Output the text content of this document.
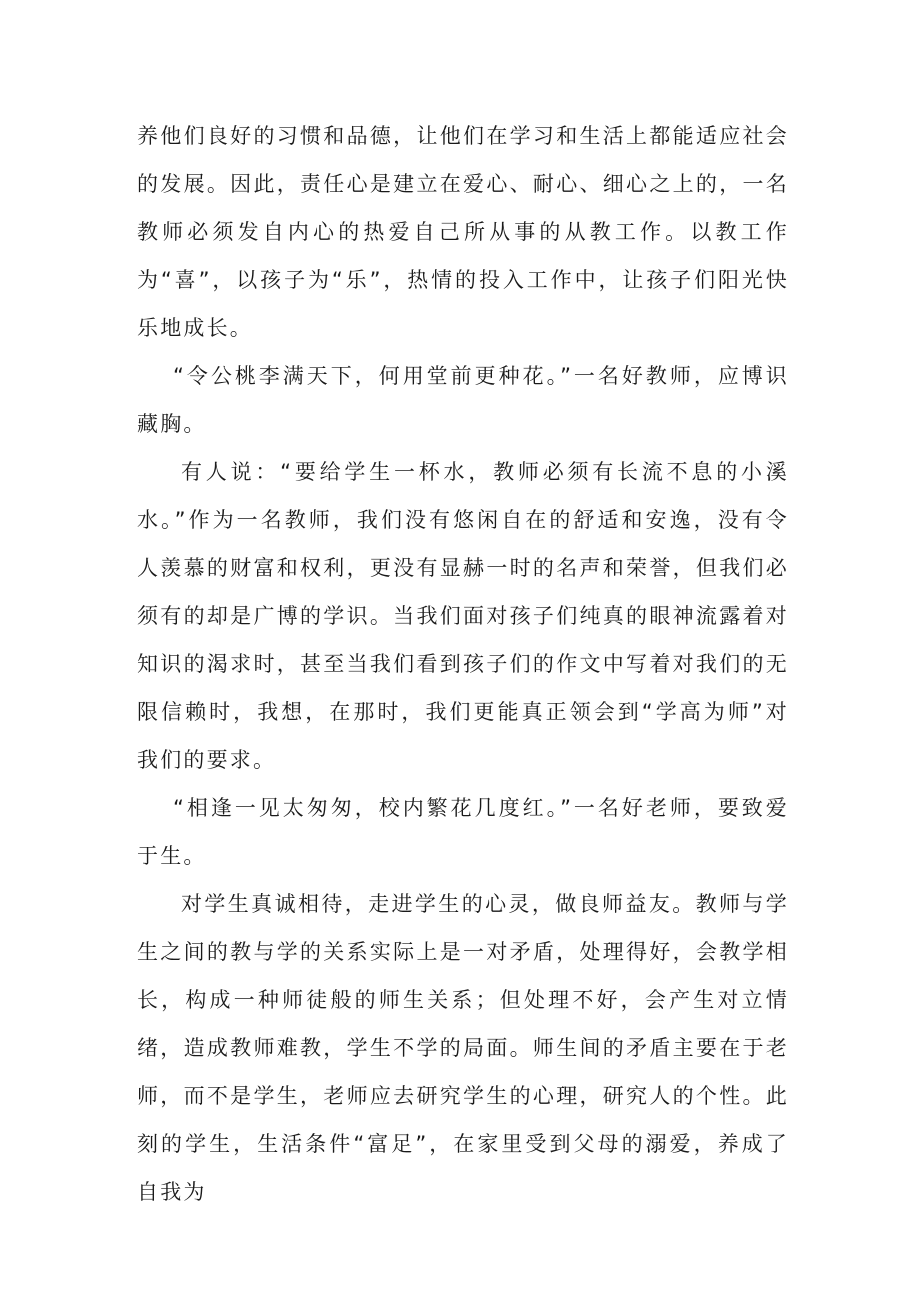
养他们良好的习惯和品德，让他们在学习和生活上都能适应社会的发展。因此，责任心是建立在爱心、耐心、细心之上的，一名教师必须发自内心的热爱自己所从事的从教工作。以教工作为“喜”，以孩子为“乐”，热情的投入工作中，让孩子们阳光快乐地成长。

“令公桃李满天下，何用堂前更种花。”一名好教师，应博识藏胸。

有人说：“要给学生一杯水，教师必须有长流不息的小溪水。”作为一名教师，我们没有悠闲自在的舒适和安逸，没有令人羡慕的财富和权利，更没有显赫一时的名声和荣誉，但我们必须有的却是广博的学识。当我们面对孩子们纯真的眼神流露着对知识的渴求时，甚至当我们看到孩子们的作文中写着对我们的无限信赖时，我想，在那时，我们更能真正领会到“学高为师”对我们的要求。

“相逢一见太匆匆，校内繁花几度红。”一名好老师，要致爱于生。

对学生真诚相待，走进学生的心灵，做良师益友。教师与学生之间的教与学的关系实际上是一对矛盾，处理得好，会教学相长，构成一种师徒般的师生关系；但处理不好，会产生对立情绪，造成教师难教，学生不学的局面。师生间的矛盾主要在于老师，而不是学生，老师应去研究学生的心理，研究人的个性。此刻的学生，生活条件“富足”，在家里受到父母的溺爱，养成了自我为
